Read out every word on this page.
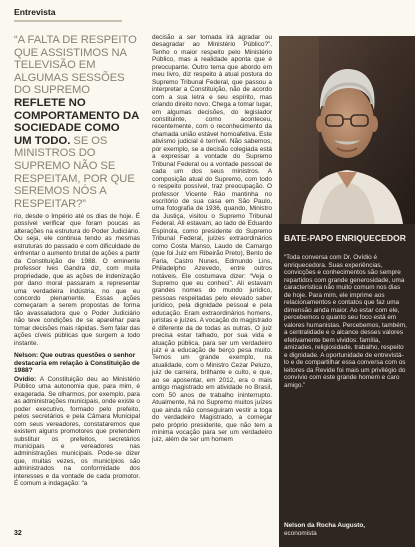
Entrevista

“A FALTA DE RESPEITO QUE ASSISTIMOS NA TELEVISÃO EM ALGUMAS SESSÕES DO SUPREMO REFLETE NO COMPORTAMENTO DA SOCIEDADE COMO UM TODO. SE OS MINISTROS DO SUPREMO NÃO SE RESPEITAM, POR QUE SEREMOS NÓS A RESPEITAR?”

rio, desde o Império até os dias de hoje. É possível verificar que foram poucas as alterações na estrutura do Poder Judiciário. Ou seja, ele continua tendo as mesmas estruturas do passado e com dificuldade de enfrentar o aumento brutal de ações a partir da Constituição de 1988. O eminente professor Ives Gandra diz, com muita propriedade, que as ações de indenização por dano moral passaram a representar uma verdadeira indústria, no que eu concordo plenamente. Essas ações começaram a serem propostas de forma tão avassaladora que o Poder Judiciário não teve condições de se aparelhar para tomar decisões mais rápidas. Sem falar das ações cíveis públicas que surgem a todo instante.

Nelson: Que outras questões o senhor destacaria em relação à Constituição de 1988?

Ovídio: A Constituição deu ao Ministério Público uma autonomia que, para mim, é exagerada. Se olharmos, por exemplo, para as administrações municipais, onde existe o poder executivo, formado pelo prefeito, pelos secretários e pela Câmara Municipal com seus vereadores, constataremos que existem alguns promotores que pretendem substituir os prefeitos, secretários municipais e vereadores nas administrações municipais. Pode-se dizer que, muitas vezes, os municípios são administrados na conformidade dos interesses e da vontade de cada promotor. É comum a indagação: “a

decisão a ser tomada irá agradar ou desagradar ao Ministério Público?”. Tenho o maior respeito pelo Ministério Público, mas a realidade aponta que é preocupante. Outro tema que abordo em meu livro, diz respeito à atual postura do Supremo Tribunal Federal, que passou a interpretar a Constituição, não de acordo com a sua letra e seu espírito, mas criando direito novo. Chega a tomar lugar, em algumas decisões, do legislador constituinte, como aconteceu, recentemente, com o reconhecimento da chamada união estável homoafetiva. Este ativismo judicial é terrível. Não sabemos, por exemplo, se a decisão colegiada está a expressar a vontade do Supremo Tribunal Federal ou a vontade pessoal de cada um dos seus ministros. A composição atual do Supremo, com todo o respeito possível, traz preocupação. O professor Vicente Ráo mantinha no escritório de sua casa em São Paulo, uma fotografia de 1936, quando, Ministro da Justiça, visitou o Supremo Tribunal Federal. Ali estavam, ao lado de Eduardo Espínola, como presidente do Supremo Tribunal Federal, juízes extraordinários como Costa Manso, Laudo de Camargo (que foi Juiz em Ribeirão Preto), Bento de Faria, Castro Nunes, Edmundo Lins, Philadelpho Azevedo, entre outros notáveis. Ele costumava dizer: “Veja o Supremo que eu conheci”. Ali estavam grandes nomes do mundo jurídico, pessoas respeitadas pelo elevado saber jurídico, pela dignidade pessoal e pela educação. Eram extraordinários homens, juristas e juízes. A vocação do magistrado é diferente da de todas as outras. O juiz precisa estar talhado, por sua vida e atuação pública, para ser um verdadeiro juiz e a educação de berço pesa muito. Temos um grande exemplo, na atualidade, com o Ministro Cezar Peluzo, juiz de carreira, brilhante e culto, e que, ao se aposentar, em 2012, era o mais antigo magistrado em atividade no Brasil, com 50 anos de trabalho ininterrupto. Atualmente, há no Supremo muitos juízes que ainda não conseguiram vestir a toga do verdadeiro Magistrado, a começar pelo próprio presidente, que não tem a mínima vocação para ser um verdadeiro juiz, além de ser um homem

BATE-PAPO ENRIQUECEDOR
“Toda conversa com Dr. Ovídio é enriquecedora. Suas experiências, convicções e conhecimentos são sempre repartidos com grande generosidade, uma característica não muito comum nos dias de hoje. Para mim, ele imprime aos relacionamentos e contatos que faz uma dimensão ainda maior. Ao estar com ele, percebemos o quanto seu foco está em valores humanistas. Percebemos, também, a centralidade e o alcance desses valores efetivamente bem vividos: família, amizades, religiosidade, trabalho, respeito e dignidade. A oportunidade de entrevistá-lo e de compartilhar essa conversa com os leitores da Revide foi mais um privilégio do convívio com este grande homem e caro amigo.”
Nelson da Rocha Augusto,
economista
32
